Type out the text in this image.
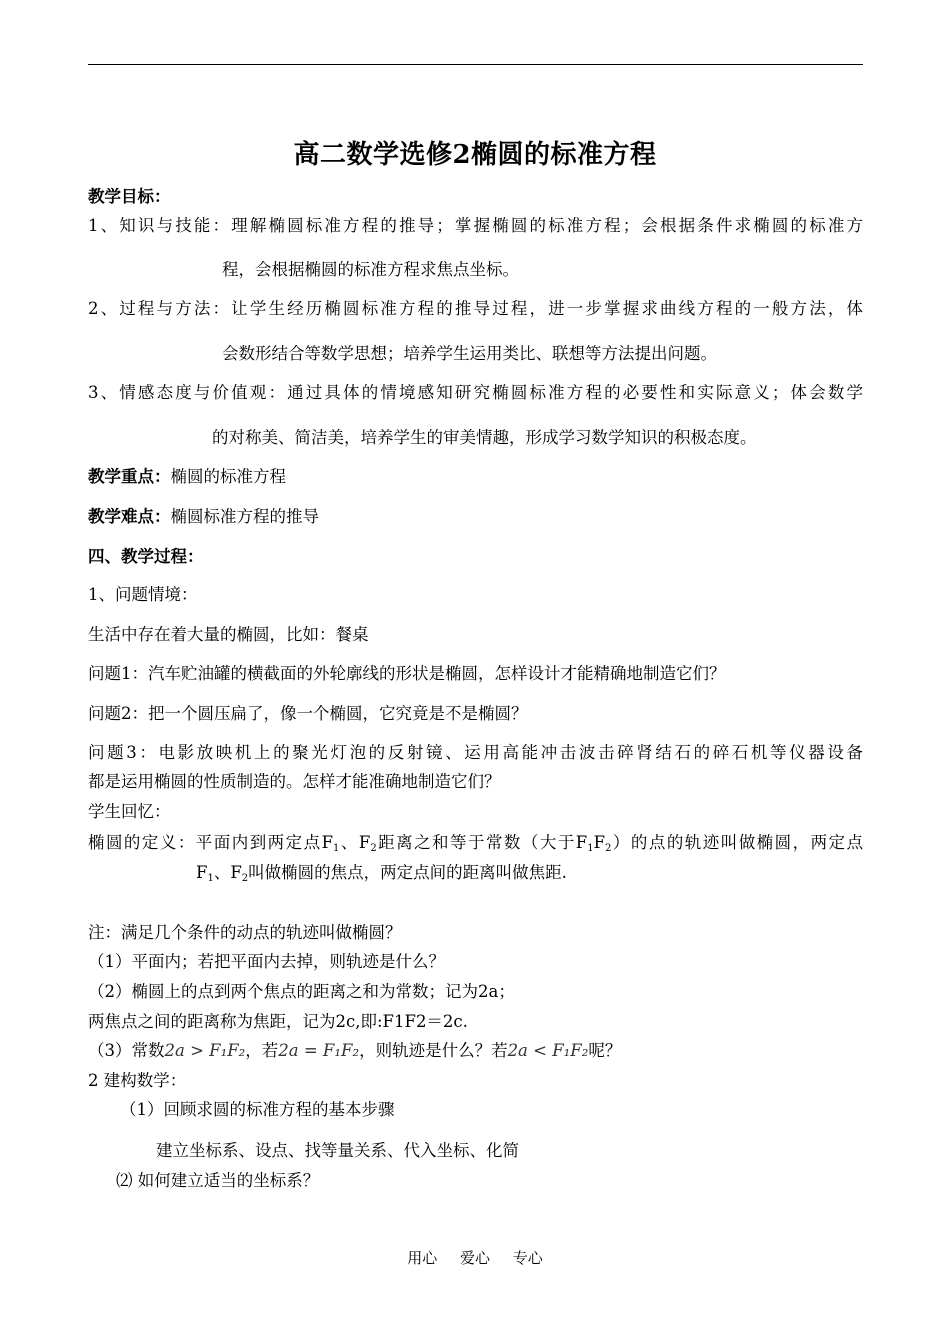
高二数学选修2椭圆的标准方程
教学目标：
1、知识与技能：理解椭圆标准方程的推导；掌握椭圆的标准方程；会根据条件求椭圆的标准方
程，会根据椭圆的标准方程求焦点坐标。
2、过程与方法：让学生经历椭圆标准方程的推导过程，进一步掌握求曲线方程的一般方法，体
会数形结合等数学思想；培养学生运用类比、联想等方法提出问题。
3、情感态度与价值观：通过具体的情境感知研究椭圆标准方程的必要性和实际意义；体会数学
的对称美、简洁美，培养学生的审美情趣，形成学习数学知识的积极态度。
教学重点：椭圆的标准方程
教学难点：椭圆标准方程的推导
四、教学过程：
1、问题情境：
生活中存在着大量的椭圆，比如：餐桌
问题1：汽车贮油罐的横截面的外轮廓线的形状是椭圆，怎样设计才能精确地制造它们？
问题2：把一个圆压扁了，像一个椭圆，它究竟是不是椭圆？
问题3：电影放映机上的聚光灯泡的反射镜、运用高能冲击波击碎肾结石的碎石机等仪器设备
都是运用椭圆的性质制造的。怎样才能准确地制造它们？
学生回忆：
椭圆的定义：平面内到两定点$F_1$、$F_2$距离之和等于常数（大于$F_1F_2$）的点的轨迹叫做椭圆，两定点
$F_1$、$F_2$叫做椭圆的焦点，两定点间的距离叫做焦距.
注：满足几个条件的动点的轨迹叫做椭圆？
（1）平面内；若把平面内去掉，则轨迹是什么？
（2）椭圆上的点到两个焦点的距离之和为常数；记为2a；
两焦点之间的距离称为焦距，记为2c,即:F1F2＝2c.
（3）常数2a > F₁F₂，若2a = F₁F₂，则轨迹是什么？若2a < F₁F₂呢？
2 建构数学：
（1）回顾求圆的标准方程的基本步骤
建立坐标系、设点、找等量关系、代入坐标、化简
⑵ 如何建立适当的坐标系？
用心 爱心 专心
